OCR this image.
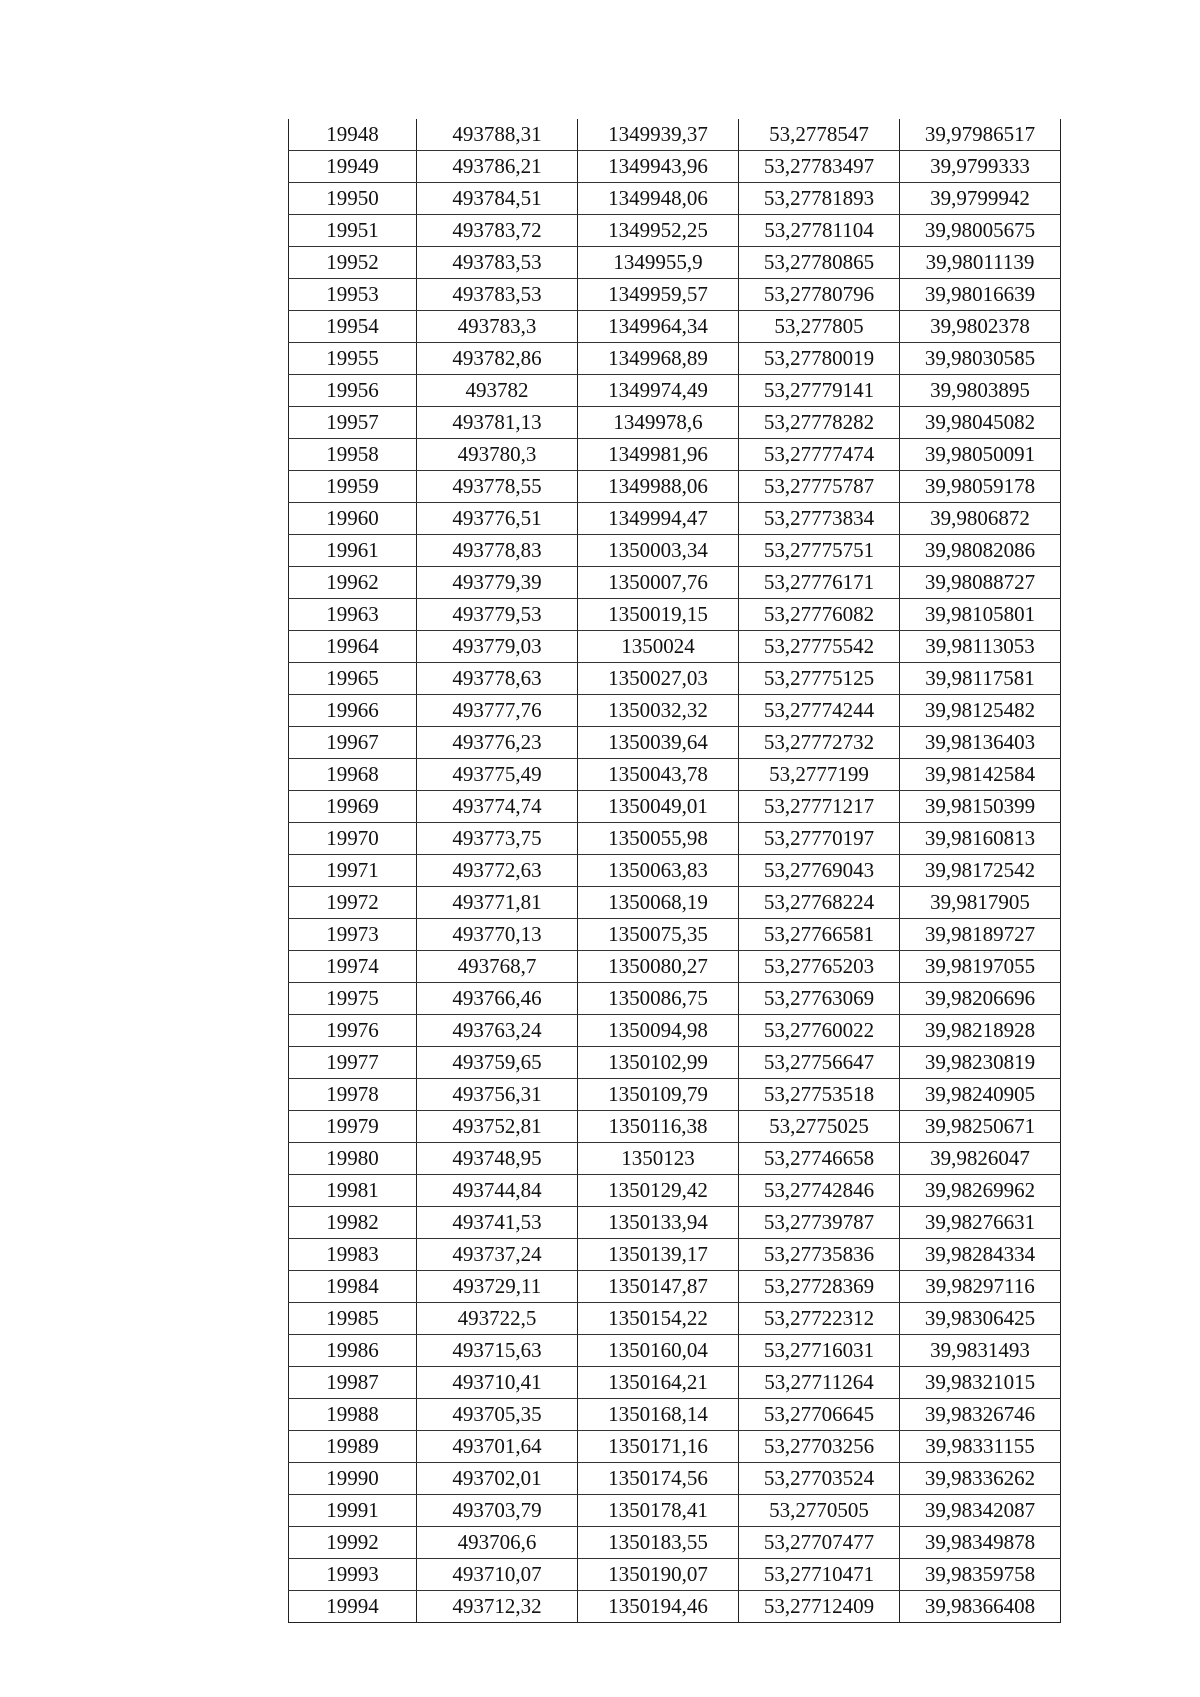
19948	493788,31	1349939,37	53,2778547	39,97986517
19949	493786,21	1349943,96	53,27783497	39,9799333
19950	493784,51	1349948,06	53,27781893	39,9799942
19951	493783,72	1349952,25	53,27781104	39,98005675
19952	493783,53	1349955,9	53,27780865	39,98011139
19953	493783,53	1349959,57	53,27780796	39,98016639
19954	493783,3	1349964,34	53,277805	39,9802378
19955	493782,86	1349968,89	53,27780019	39,98030585
19956	493782	1349974,49	53,27779141	39,9803895
19957	493781,13	1349978,6	53,27778282	39,98045082
19958	493780,3	1349981,96	53,27777474	39,98050091
19959	493778,55	1349988,06	53,27775787	39,98059178
19960	493776,51	1349994,47	53,27773834	39,9806872
19961	493778,83	1350003,34	53,27775751	39,98082086
19962	493779,39	1350007,76	53,27776171	39,98088727
19963	493779,53	1350019,15	53,27776082	39,98105801
19964	493779,03	1350024	53,27775542	39,98113053
19965	493778,63	1350027,03	53,27775125	39,98117581
19966	493777,76	1350032,32	53,27774244	39,98125482
19967	493776,23	1350039,64	53,27772732	39,98136403
19968	493775,49	1350043,78	53,2777199	39,98142584
19969	493774,74	1350049,01	53,27771217	39,98150399
19970	493773,75	1350055,98	53,27770197	39,98160813
19971	493772,63	1350063,83	53,27769043	39,98172542
19972	493771,81	1350068,19	53,27768224	39,9817905
19973	493770,13	1350075,35	53,27766581	39,98189727
19974	493768,7	1350080,27	53,27765203	39,98197055
19975	493766,46	1350086,75	53,27763069	39,98206696
19976	493763,24	1350094,98	53,27760022	39,98218928
19977	493759,65	1350102,99	53,27756647	39,98230819
19978	493756,31	1350109,79	53,27753518	39,98240905
19979	493752,81	1350116,38	53,2775025	39,98250671
19980	493748,95	1350123	53,27746658	39,9826047
19981	493744,84	1350129,42	53,27742846	39,98269962
19982	493741,53	1350133,94	53,27739787	39,98276631
19983	493737,24	1350139,17	53,27735836	39,98284334
19984	493729,11	1350147,87	53,27728369	39,98297116
19985	493722,5	1350154,22	53,27722312	39,98306425
19986	493715,63	1350160,04	53,27716031	39,9831493
19987	493710,41	1350164,21	53,27711264	39,98321015
19988	493705,35	1350168,14	53,27706645	39,98326746
19989	493701,64	1350171,16	53,27703256	39,98331155
19990	493702,01	1350174,56	53,27703524	39,98336262
19991	493703,79	1350178,41	53,2770505	39,98342087
19992	493706,6	1350183,55	53,27707477	39,98349878
19993	493710,07	1350190,07	53,27710471	39,98359758
19994	493712,32	1350194,46	53,27712409	39,98366408
